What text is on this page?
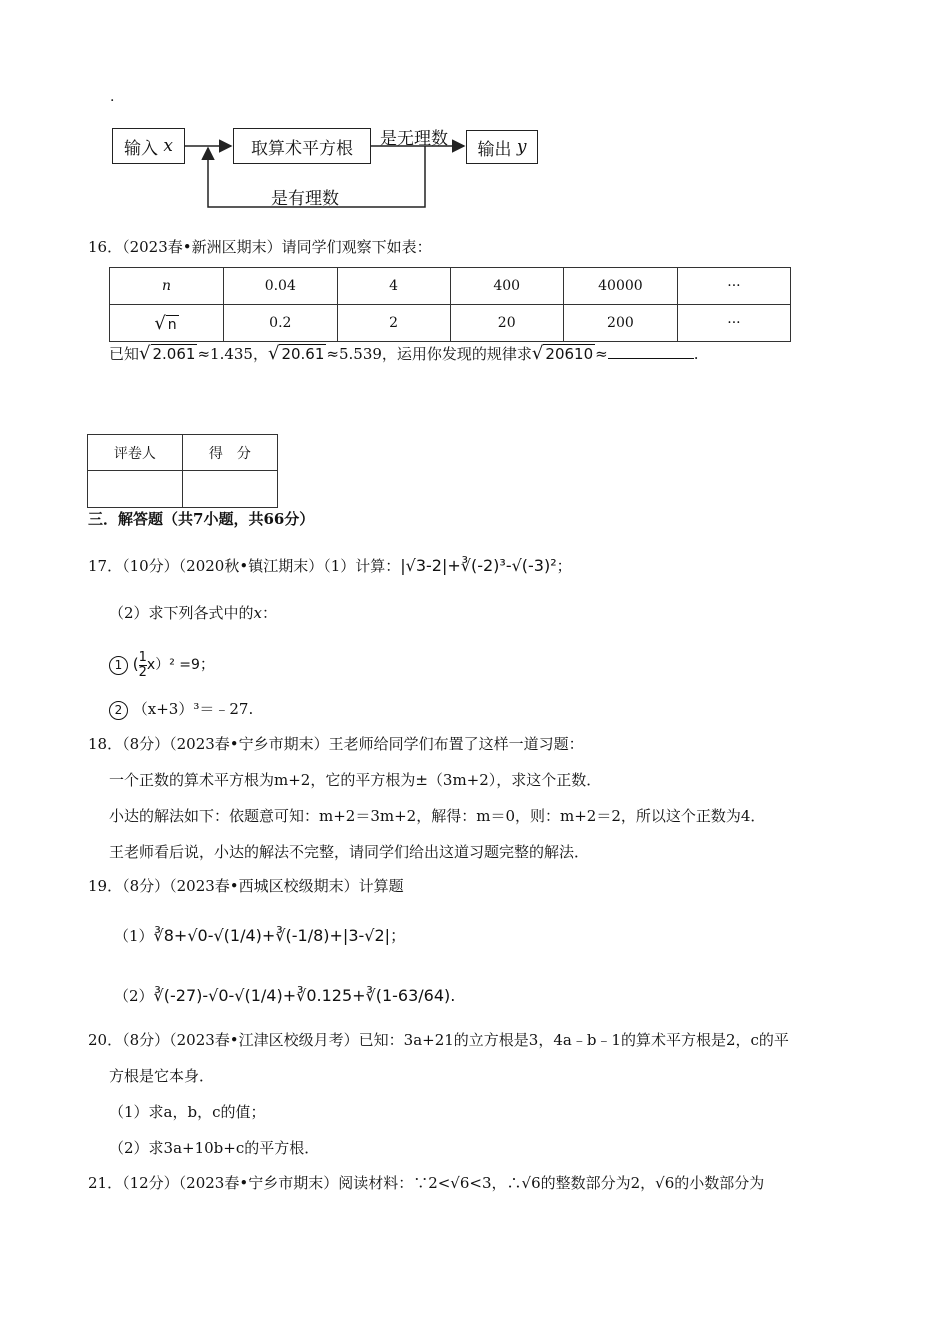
·
输入
x	取算术平方根	输出
y
是无理数
是有理数
16．（2023春•新洲区期末）请同学们观察下如表：
n	0.04	4	400	40000	···
√ n	0.2	2	20	200	···
已知√ 2.061 ≈1.435，√ 20.61 ≈5.539，运用你发现的规律求√ 20610 ≈	.
评卷人	得　分

三．解答题（共7小题，共66分）
17．（10分）（2020秋•镇江期末）（1）计算：|√3-2|+∛(-2)³-√(-3)²；
（2）求下列各式中的x：
1 ( $\frac{1}{2} x)^2 =9$；
2 （x+3）³＝﹣27.
18．（8分）（2023春•宁乡市期末）王老师给同学们布置了这样一道习题：
一个正数的算术平方根为m+2，它的平方根为±（3m+2），求这个正数．
小达的解法如下：依题意可知：m+2＝3m+2，解得：m＝0，则：m+2＝2，所以这个正数为4．
王老师看后说，小达的解法不完整，请同学们给出这道习题完整的解法．
19．（8分）（2023春•西城区校级期末）计算题
（1）∛8+√0-√(1/4)+∛(-1/8)+|3-√2|；
（2）∛(-27)-√0-√(1/4)+∛0.125+∛(1-63/64).
20．（8分）（2023春•江津区校级月考）已知：3a+21的立方根是3，4a﹣b﹣1的算术平方根是2，c的平
方根是它本身．
（1）求a，b，c的值；
（2）求3a+10b+c的平方根．
21．（12分）（2023春•宁乡市期末）阅读材料：∵2<√6<3，∴√6的整数部分为2，√6的小数部分为
